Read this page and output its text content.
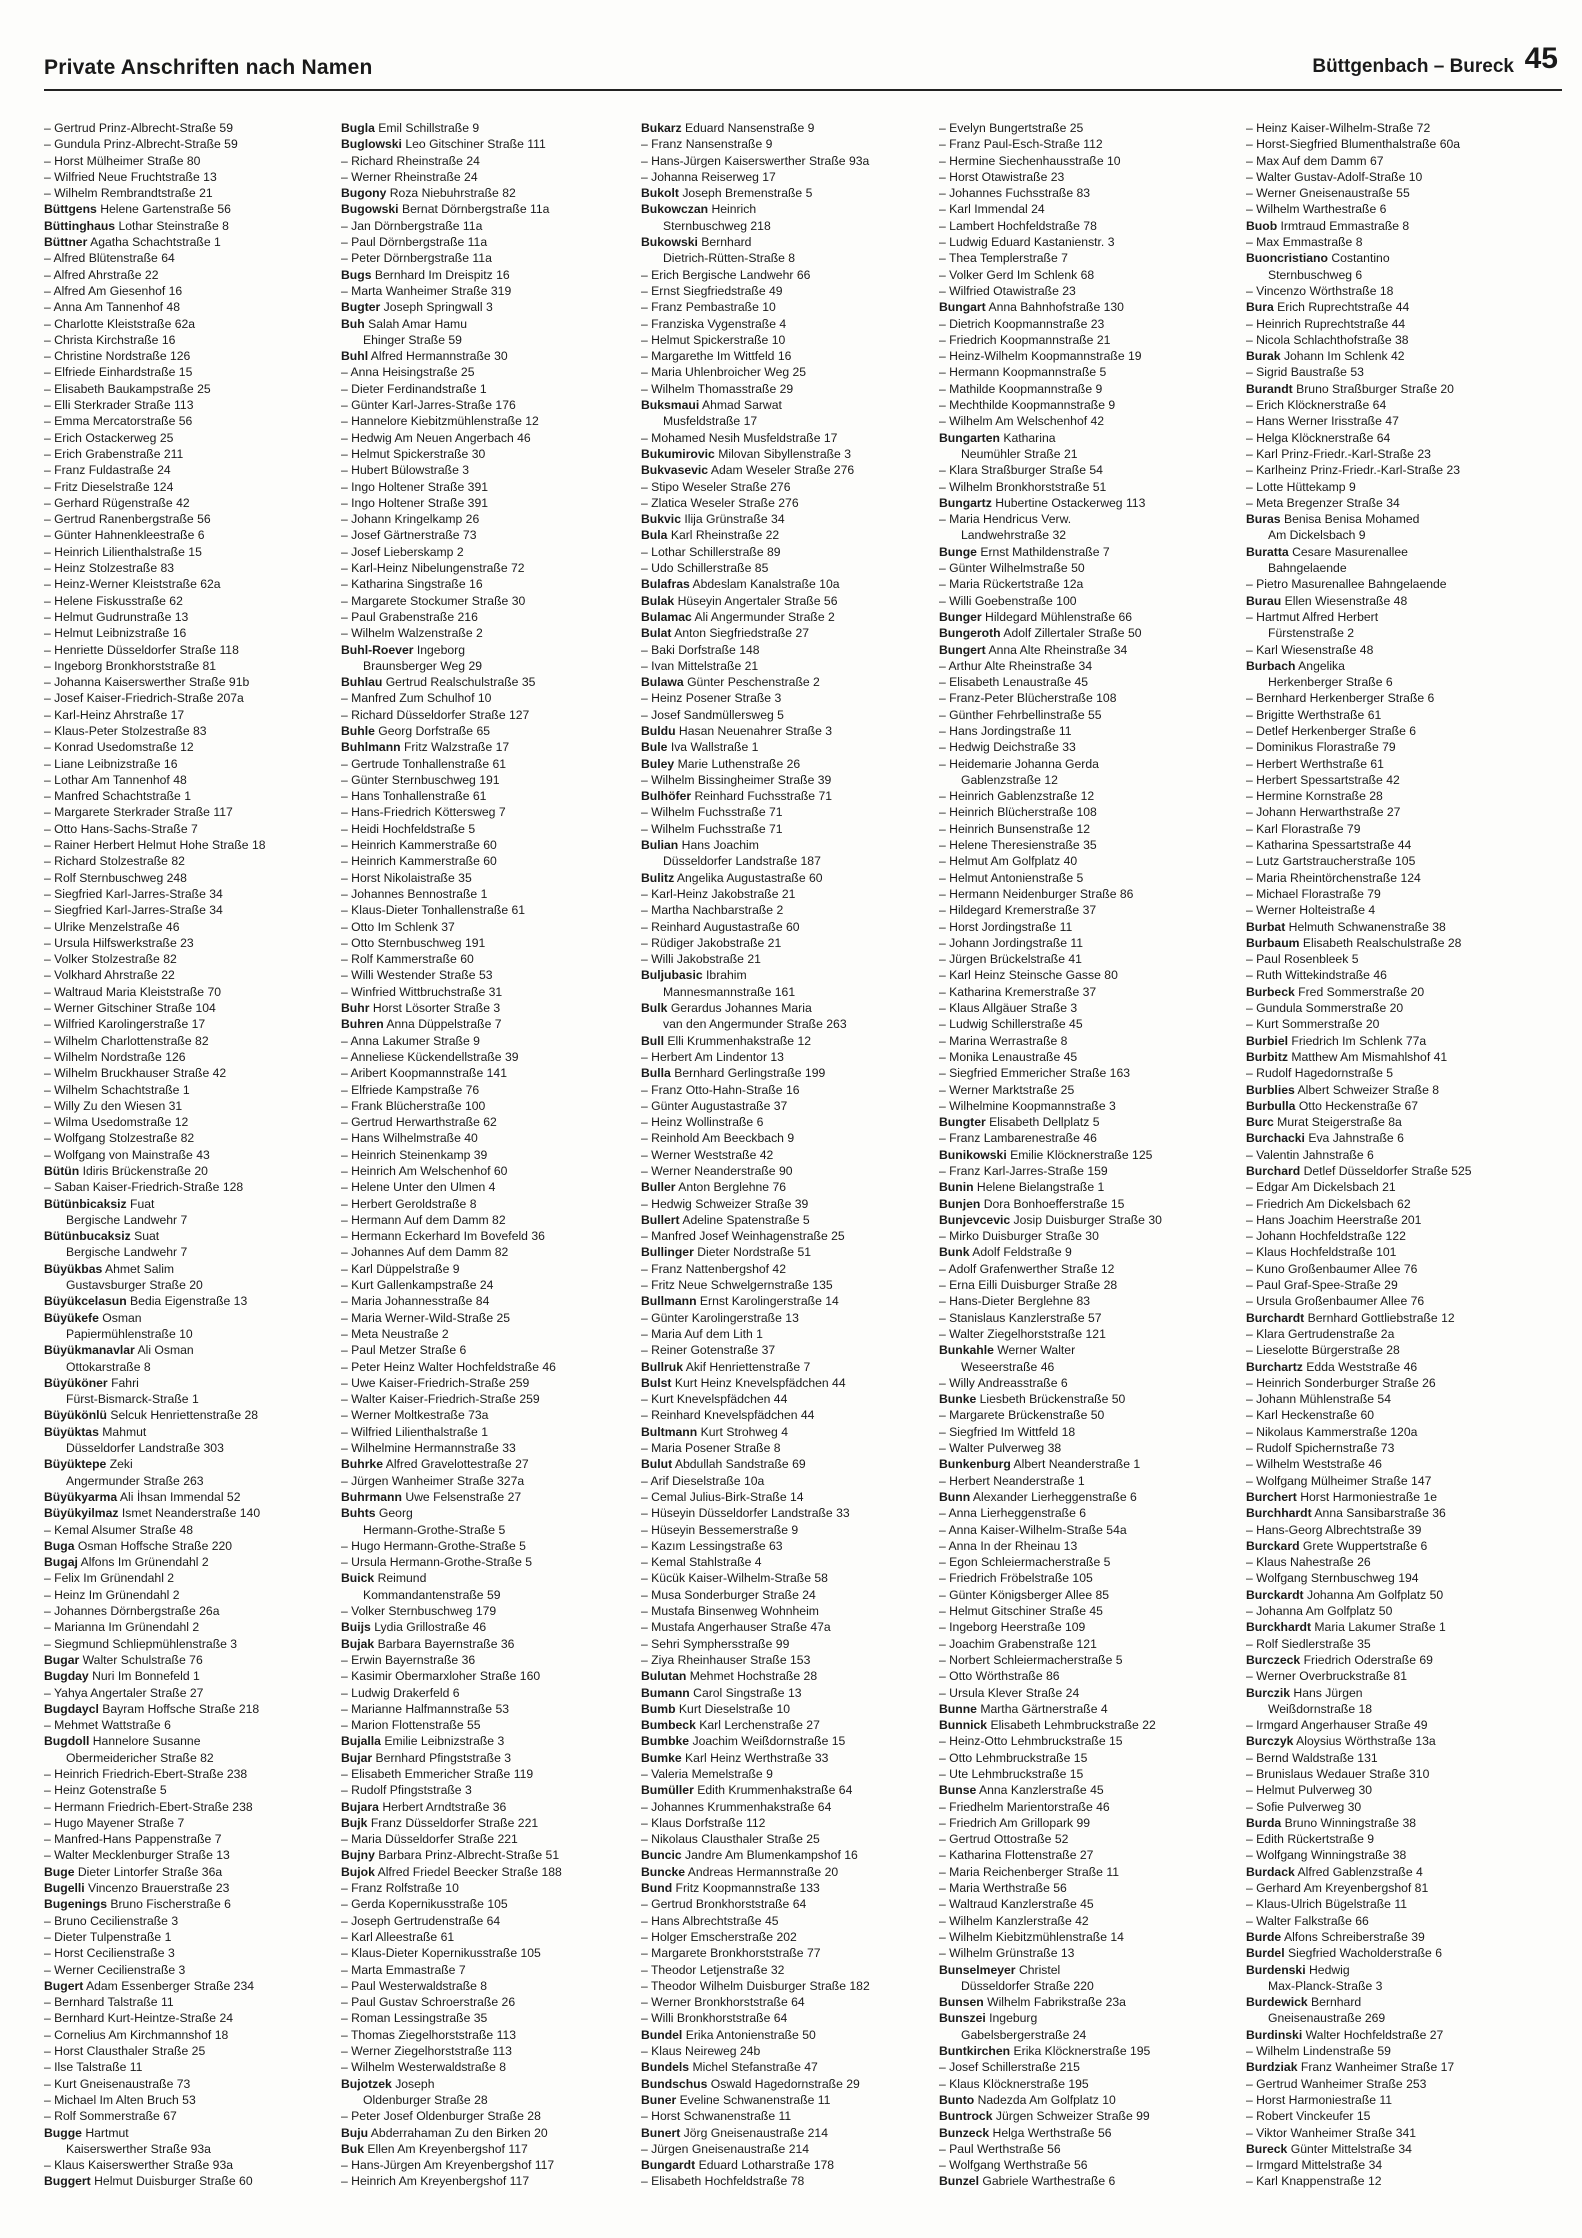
Private Anschriften nach Namen	Büttgenbach – Bureck 45
– Gertrud Prinz-Albrecht-Straße 59
– Gundula Prinz-Albrecht-Straße 59
– Horst Mülheimer Straße 80
– Wilfried Neue Fruchtstraße 13
– Wilhelm Rembrandtstraße 21
Büttgens Helene Gartenstraße 56
Büttinghaus Lothar Steinstraße 8
Büttner Agatha Schachtstraße 1
– Alfred Blütenstraße 64
– Alfred Ahrstraße 22
– Alfred Am Giesenhof 16
– Anna Am Tannenhof 48
– Charlotte Kleiststraße 62a
– Christa Kirchstraße 16
– Christine Nordstraße 126
– Elfriede Einhardstraße 15
– Elisabeth Baukampstraße 25
– Elli Sterkrader Straße 113
– Emma Mercatorstraße 56
– Erich Ostackerweg 25
– Erich Grabenstraße 211
– Franz Fuldastraße 24
– Fritz Dieselstraße 124
– Gerhard Rügenstraße 42
– Gertrud Ranenbergstraße 56
– Günter Hahnenkleestraße 6
– Heinrich Lilienthalstraße 15
– Heinz Stolzestraße 83
– Heinz-Werner Kleiststraße 62a
– Helene Fiskusstraße 62
– Helmut Gudrunstraße 13
– Helmut Leibnizstraße 16
– Henriette Düsseldorfer Straße 118
– Ingeborg Bronkhorststraße 81
– Johanna Kaiserswerther Straße 91b
– Josef Kaiser-Friedrich-Straße 207a
– Karl-Heinz Ahrstraße 17
– Klaus-Peter Stolzestraße 83
– Konrad Usedomstraße 12
– Liane Leibnizstraße 16
– Lothar Am Tannenhof 48
– Manfred Schachtstraße 1
– Margarete Sterkrader Straße 117
– Otto Hans-Sachs-Straße 7
– Rainer Herbert Helmut Hohe Straße 18
– Richard Stolzestraße 82
– Rolf Sternbuschweg 248
– Siegfried Karl-Jarres-Straße 34
– Siegfried Karl-Jarres-Straße 34
– Ulrike Menzelstraße 46
– Ursula Hilfswerkstraße 23
– Volker Stolzestraße 82
– Volkhard Ahrstraße 22
– Waltraud Maria Kleiststraße 70
– Werner Gitschiner Straße 104
– Wilfried Karolingerstraße 17
– Wilhelm Charlottenstraße 82
– Wilhelm Nordstraße 126
– Wilhelm Bruckhauser Straße 42
– Wilhelm Schachtstraße 1
– Willy Zu den Wiesen 31
– Wilma Usedomstraße 12
– Wolfgang Stolzestraße 82
– Wolfgang von Mainstraße 43
Bütün Idiris Brückenstraße 20
– Saban Kaiser-Friedrich-Straße 128
Bütünbicaksiz Fuat
Bergische Landwehr 7
Bütünbucaksiz Suat
Bergische Landwehr 7
Büyükbas Ahmet Salim
Gustavsburger Straße 20
Büyükcelasun Bedia Eigenstraße 13
Büyükefe Osman
Papiermühlenstraße 10
Büyükmanavlar Ali Osman
Ottokarstraße 8
Büyüköner Fahri
Fürst-Bismarck-Straße 1
Büyükönlü Selcuk Henriettenstraße 28
Büyüktas Mahmut
Düsseldorfer Landstraße 303
Büyüktepe Zeki
Angermunder Straße 263
Büyükyarma Ali İhsan Immendal 52
Büyükyilmaz Ismet Neanderstraße 140
– Kemal Alsumer Straße 48
Buga Osman Hoffsche Straße 220
Bugaj Alfons Im Grünendahl 2
– Felix Im Grünendahl 2
– Heinz Im Grünendahl 2
– Johannes Dörnbergstraße 26a
– Marianna Im Grünendahl 2
– Siegmund Schliepmühlenstraße 3
Bugar Walter Schulstraße 76
Bugday Nuri Im Bonnefeld 1
– Yahya Angertaler Straße 27
Bugdaycl Bayram Hoffsche Straße 218
– Mehmet Wattstraße 6
Bugdoll Hannelore Susanne
Obermeidericher Straße 82
– Heinrich Friedrich-Ebert-Straße 238
– Heinz Gotenstraße 5
– Hermann Friedrich-Ebert-Straße 238
– Hugo Mayener Straße 7
– Manfred-Hans Pappenstraße 7
– Walter Mecklenburger Straße 13
Buge Dieter Lintorfer Straße 36a
Bugelli Vincenzo Brauerstraße 23
Bugenings Bruno Fischerstraße 6
– Bruno Cecilienstraße 3
– Dieter Tulpenstraße 1
– Horst Cecilienstraße 3
– Werner Cecilienstraße 3
Bugert Adam Essenberger Straße 234
– Bernhard Talstraße 11
– Bernhard Kurt-Heintze-Straße 24
– Cornelius Am Kirchmannshof 18
– Horst Clausthaler Straße 25
– Ilse Talstraße 11
– Kurt Gneisenaustraße 73
– Michael Im Alten Bruch 53
– Rolf Sommerstraße 67
Bugge Hartmut
Kaiserswerther Straße 93a
– Klaus Kaiserswerther Straße 93a
Buggert Helmut Duisburger Straße 60
Bugla Emil Schillstraße 9
Buglowski Leo Gitschiner Straße 111
– Richard Rheinstraße 24
– Werner Rheinstraße 24
Bugony Roza Niebuhrstraße 82
Bugowski Bernat Dörnbergstraße 11a
– Jan Dörnbergstraße 11a
– Paul Dörnbergstraße 11a
– Peter Dörnbergstraße 11a
Bugs Bernhard Im Dreispitz 16
– Marta Wanheimer Straße 319
Bugter Joseph Springwall 3
Buh Salah Amar Hamu
Ehinger Straße 59
Buhl Alfred Hermannstraße 30
– Anna Heisingstraße 25
– Dieter Ferdinandstraße 1
– Günter Karl-Jarres-Straße 176
– Hannelore Kiebitzmühlenstraße 12
– Hedwig Am Neuen Angerbach 46
– Helmut Spickerstraße 30
– Hubert Bülowstraße 3
– Ingo Holtener Straße 391
– Ingo Holtener Straße 391
– Johann Kringelkamp 26
– Josef Gärtnerstraße 73
– Josef Lieberskamp 2
– Karl-Heinz Nibelungenstraße 72
– Katharina Singstraße 16
– Margarete Stockumer Straße 30
– Paul Grabenstraße 216
– Wilhelm Walzenstraße 2
Buhl-Roever Ingeborg
Braunsberger Weg 29
Buhlau Gertrud Realschulstraße 35
– Manfred Zum Schulhof 10
– Richard Düsseldorfer Straße 127
Buhle Georg Dorfstraße 65
Buhlmann Fritz Walzstraße 17
– Gertrude Tonhallenstraße 61
– Günter Sternbuschweg 191
– Hans Tonhallenstraße 61
– Hans-Friedrich Köttersweg 7
– Heidi Hochfeldstraße 5
– Heinrich Kammerstraße 60
– Heinrich Kammerstraße 60
– Horst Nikolaistraße 35
– Johannes Bennostraße 1
– Klaus-Dieter Tonhallenstraße 61
– Otto Im Schlenk 37
– Otto Sternbuschweg 191
– Rolf Kammerstraße 60
– Willi Westender Straße 53
– Winfried Wittbruchstraße 31
Buhr Horst Lösorter Straße 3
Buhren Anna Düppelstraße 7
– Anna Lakumer Straße 9
– Anneliese Kückendellstraße 39
– Aribert Koopmannstraße 141
– Elfriede Kampstraße 76
– Frank Blücherstraße 100
– Gertrud Herwarthstraße 62
– Hans Wilhelmstraße 40
– Heinrich Steinenkamp 39
– Heinrich Am Welschenhof 60
– Helene Unter den Ulmen 4
– Herbert Geroldstraße 8
– Hermann Auf dem Damm 82
– Hermann Eckerhard Im Bovefeld 36
– Johannes Auf dem Damm 82
– Karl Düppelstraße 9
– Kurt Gallenkampstraße 24
– Maria Johannesstraße 84
– Maria Werner-Wild-Straße 25
– Meta Neustraße 2
– Paul Metzer Straße 6
– Peter Heinz Walter Hochfeldstraße 46
– Uwe Kaiser-Friedrich-Straße 259
– Walter Kaiser-Friedrich-Straße 259
– Werner Moltkestraße 73a
– Wilfried Lilienthalstraße 1
– Wilhelmine Hermannstraße 33
Buhrke Alfred Gravelottestraße 27
– Jürgen Wanheimer Straße 327a
Buhrmann Uwe Felsenstraße 27
Buhts Georg
Hermann-Grothe-Straße 5
– Hugo Hermann-Grothe-Straße 5
– Ursula Hermann-Grothe-Straße 5
Buick Reimund
Kommandantenstraße 59
– Volker Sternbuschweg 179
Buijs Lydia Grillostraße 46
Bujak Barbara Bayernstraße 36
– Erwin Bayernstraße 36
– Kasimir Obermarxloher Straße 160
– Ludwig Drakerfeld 6
– Marianne Halfmannstraße 53
– Marion Flottenstraße 55
Bujalla Emilie Leibnizstraße 3
Bujar Bernhard Pfingststraße 3
– Elisabeth Emmericher Straße 119
– Rudolf Pfingststraße 3
Bujara Herbert Arndtstraße 36
Bujk Franz Düsseldorfer Straße 221
– Maria Düsseldorfer Straße 221
Bujny Barbara Prinz-Albrecht-Straße 51
Bujok Alfred Friedel Beecker Straße 188
– Franz Rolfstraße 10
– Gerda Kopernikusstraße 105
– Joseph Gertrudenstraße 64
– Karl Alleestraße 61
– Klaus-Dieter Kopernikusstraße 105
– Marta Emmastraße 7
– Paul Westerwaldstraße 8
– Paul Gustav Schroerstraße 26
– Roman Lessingstraße 35
– Thomas Ziegelhorststraße 113
– Werner Ziegelhorststraße 113
– Wilhelm Westerwaldstraße 8
Bujotzek Joseph
Oldenburger Straße 28
– Peter Josef Oldenburger Straße 28
Buju Abderrahaman Zu den Birken 20
Buk Ellen Am Kreyenbergshof 117
– Hans-Jürgen Am Kreyenbergshof 117
– Heinrich Am Kreyenbergshof 117
Bukarz Eduard Nansenstraße 9
– Franz Nansenstraße 9
– Hans-Jürgen Kaiserswerther Straße 93a
– Johanna Reiserweg 17
Bukolt Joseph Bremenstraße 5
Bukowczan Heinrich
Sternbuschweg 218
Bukowski Bernhard
Dietrich-Rütten-Straße 8
– Erich Bergische Landwehr 66
– Ernst Siegfriedstraße 49
– Franz Pembastraße 10
– Franziska Vygenstraße 4
– Helmut Spickerstraße 10
– Margarethe Im Wittfeld 16
– Maria Uhlenbroicher Weg 25
– Wilhelm Thomasstraße 29
Buksmaui Ahmad Sarwat
Musfeldstraße 17
– Mohamed Nesih Musfeldstraße 17
Bukumirovic Milovan Sibyllenstraße 3
Bukvasevic Adam Weseler Straße 276
– Stipo Weseler Straße 276
– Zlatica Weseler Straße 276
Bukvic Ilija Grünstraße 34
Bula Karl Rheinstraße 22
– Lothar Schillerstraße 89
– Udo Schillerstraße 85
Bulafras Abdeslam Kanalstraße 10a
Bulak Hüseyin Angertaler Straße 56
Bulamac Ali Angermunder Straße 2
Bulat Anton Siegfriedstraße 27
– Baki Dorfstraße 148
– Ivan Mittelstraße 21
Bulawa Günter Peschenstraße 2
– Heinz Posener Straße 3
– Josef Sandmüllersweg 5
Buldu Hasan Neuenahrer Straße 3
Bule Iva Wallstraße 1
Buley Marie Luthenstraße 26
– Wilhelm Bissingheimer Straße 39
Bulhöfer Reinhard Fuchsstraße 71
– Wilhelm Fuchsstraße 71
– Wilhelm Fuchsstraße 71
Bulian Hans Joachim
Düsseldorfer Landstraße 187
Bulitz Angelika Augustastraße 60
– Karl-Heinz Jakobstraße 21
– Martha Nachbarstraße 2
– Reinhard Augustastraße 60
– Rüdiger Jakobstraße 21
– Willi Jakobstraße 21
Buljubasic Ibrahim
Mannesmannstraße 161
Bulk Gerardus Johannes Maria
van den Angermunder Straße 263
Bull Elli Krummenhakstraße 12
– Herbert Am Lindentor 13
Bulla Bernhard Gerlingstraße 199
– Franz Otto-Hahn-Straße 16
– Günter Augustastraße 37
– Heinz Wollinstraße 6
– Reinhold Am Beeckbach 9
– Werner Weststraße 42
– Werner Neanderstraße 90
Buller Anton Berglehne 76
– Hedwig Schweizer Straße 39
Bullert Adeline Spatenstraße 5
– Manfred Josef Weinhagenstraße 25
Bullinger Dieter Nordstraße 51
– Franz Nattenbergshof 42
– Fritz Neue Schwelgernstraße 135
Bullmann Ernst Karolingerstraße 14
– Günter Karolingerstraße 13
– Maria Auf dem Lith 1
– Reiner Gotenstraße 37
Bullruk Akif Henriettenstraße 7
Bulst Kurt Heinz Knevelspfädchen 44
– Kurt Knevelspfädchen 44
– Reinhard Knevelspfädchen 44
Bultmann Kurt Strohweg 4
– Maria Posener Straße 8
Bulut Abdullah Sandstraße 69
– Arif Dieselstraße 10a
– Cemal Julius-Birk-Straße 14
– Hüseyin Düsseldorfer Landstraße 33
– Hüseyin Bessemerstraße 9
– Kazım Lessingstraße 63
– Kemal Stahlstraße 4
– Kücük Kaiser-Wilhelm-Straße 58
– Musa Sonderburger Straße 24
– Mustafa Binsenweg Wohnheim
– Mustafa Angerhauser Straße 47a
– Sehri Symphersstraße 99
– Ziya Rheinhauser Straße 153
Bulutan Mehmet Hochstraße 28
Bumann Carol Singstraße 13
Bumb Kurt Dieselstraße 10
Bumbeck Karl Lerchenstraße 27
Bumbke Joachim Weißdornstraße 15
Bumke Karl Heinz Werthstraße 33
– Valeria Memelstraße 9
Bumüller Edith Krummenhakstraße 64
– Johannes Krummenhakstraße 64
– Klaus Dorfstraße 112
– Nikolaus Clausthaler Straße 25
Buncic Jandre Am Blumenkampshof 16
Buncke Andreas Hermannstraße 20
Bund Fritz Koopmannstraße 133
– Gertrud Bronkhorststraße 64
– Hans Albrechtstraße 45
– Holger Emscherstraße 202
– Margarete Bronkhorststraße 77
– Theodor Letjenstraße 32
– Theodor Wilhelm Duisburger Straße 182
– Werner Bronkhorststraße 64
– Willi Bronkhorststraße 64
Bundel Erika Antonienstraße 50
– Klaus Neireweg 24b
Bundels Michel Stefanstraße 47
Bundschus Oswald Hagedornstraße 29
Buner Eveline Schwanenstraße 11
– Horst Schwanenstraße 11
Bunert Jörg Gneisenaustraße 214
– Jürgen Gneisenaustraße 214
Bungardt Eduard Lotharstraße 178
– Elisabeth Hochfeldstraße 78
– Evelyn Bungertstraße 25
– Franz Paul-Esch-Straße 112
– Hermine Siechenhausstraße 10
– Horst Otawistraße 23
– Johannes Fuchsstraße 83
– Karl Immendal 24
– Lambert Hochfeldstraße 78
– Ludwig Eduard Kastanienstr. 3
– Thea Templerstraße 7
– Volker Gerd Im Schlenk 68
– Wilfried Otawistraße 23
Bungart Anna Bahnhofstraße 130
– Dietrich Koopmannstraße 23
– Friedrich Koopmannstraße 21
– Heinz-Wilhelm Koopmannstraße 19
– Hermann Koopmannstraße 5
– Mathilde Koopmannstraße 9
– Mechthilde Koopmannstraße 9
– Wilhelm Am Welschenhof 42
Bungarten Katharina
Neumühler Straße 21
– Klara Straßburger Straße 54
– Wilhelm Bronkhorststraße 51
Bungartz Hubertine Ostackerweg 113
– Maria Hendricus Verw.
Landwehrstraße 32
Bunge Ernst Mathildenstraße 7
– Günter Wilhelmstraße 50
– Maria Rückertstraße 12a
– Willi Goebenstraße 100
Bunger Hildegard Mühlenstraße 66
Bungeroth Adolf Zillertaler Straße 50
Bungert Anna Alte Rheinstraße 34
– Arthur Alte Rheinstraße 34
– Elisabeth Lenaustraße 45
– Franz-Peter Blücherstraße 108
– Günther Fehrbellinstraße 55
– Hans Jordingstraße 11
– Hedwig Deichstraße 33
– Heidemarie Johanna Gerda
Gablenzstraße 12
– Heinrich Gablenzstraße 12
– Heinrich Blücherstraße 108
– Heinrich Bunsenstraße 12
– Helene Theresienstraße 35
– Helmut Am Golfplatz 40
– Helmut Antonienstraße 5
– Hermann Neidenburger Straße 86
– Hildegard Kremerstraße 37
– Horst Jordingstraße 11
– Johann Jordingstraße 11
– Jürgen Brückelstraße 41
– Karl Heinz Steinsche Gasse 80
– Katharina Kremerstraße 37
– Klaus Allgäuer Straße 3
– Ludwig Schillerstraße 45
– Marina Werrastraße 8
– Monika Lenaustraße 45
– Siegfried Emmericher Straße 163
– Werner Marktstraße 25
– Wilhelmine Koopmannstraße 3
Bungter Elisabeth Dellplatz 5
– Franz Lambarenestraße 46
Bunikowski Emilie Klöcknerstraße 125
– Franz Karl-Jarres-Straße 159
Bunin Helene Bielangstraße 1
Bunjen Dora Bonhoefferstraße 15
Bunjevcevic Josip Duisburger Straße 30
– Mirko Duisburger Straße 30
Bunk Adolf Feldstraße 9
– Adolf Grafenwerther Straße 12
– Erna Eilli Duisburger Straße 28
– Hans-Dieter Berglehne 83
– Stanislaus Kanzlerstraße 57
– Walter Ziegelhorststraße 121
Bunkahle Werner Walter
Weseerstraße 46
– Willy Andreasstraße 6
Bunke Liesbeth Brückenstraße 50
– Margarete Brückenstraße 50
– Siegfried Im Wittfeld 18
– Walter Pulverweg 38
Bunkenburg Albert Neanderstraße 1
– Herbert Neanderstraße 1
Bunn Alexander Lierheggenstraße 6
– Anna Lierheggenstraße 6
– Anna Kaiser-Wilhelm-Straße 54a
– Anna In der Rheinau 13
– Egon Schleiermacherstraße 5
– Friedrich Fröbelstraße 105
– Günter Königsberger Allee 85
– Helmut Gitschiner Straße 45
– Ingeborg Heerstraße 109
– Joachim Grabenstraße 121
– Norbert Schleiermacherstraße 5
– Otto Wörthstraße 86
– Ursula Klever Straße 24
Bunne Martha Gärtnerstraße 4
Bunnick Elisabeth Lehmbruckstraße 22
– Heinz-Otto Lehmbruckstraße 15
– Otto Lehmbruckstraße 15
– Ute Lehmbruckstraße 15
Bunse Anna Kanzlerstraße 45
– Friedhelm Marientorstraße 46
– Friedrich Am Grillopark 99
– Gertrud Ottostraße 52
– Katharina Flottenstraße 27
– Maria Reichenberger Straße 11
– Maria Werthstraße 56
– Waltraud Kanzlerstraße 45
– Wilhelm Kanzlerstraße 42
– Wilhelm Kiebitzmühlenstraße 14
– Wilhelm Grünstraße 13
Bunselmeyer Christel
Düsseldorfer Straße 220
Bunsen Wilhelm Fabrikstraße 23a
Bunszei Ingeburg
Gabelsbergerstraße 24
Buntkirchen Erika Klöcknerstraße 195
– Josef Schillerstraße 215
– Klaus Klöcknerstraße 195
Bunto Nadezda Am Golfplatz 10
Buntrock Jürgen Schweizer Straße 99
Bunzeck Helga Werthstraße 56
– Paul Werthstraße 56
– Wolfgang Werthstraße 56
Bunzel Gabriele Warthestraße 6
– Heinz Kaiser-Wilhelm-Straße 72
– Horst-Siegfried Blumenthalstraße 60a
– Max Auf dem Damm 67
– Walter Gustav-Adolf-Straße 10
– Werner Gneisenaustraße 55
– Wilhelm Warthestraße 6
Buob Irmtraud Emmastraße 8
– Max Emmastraße 8
Buoncristiano Costantino
Sternbuschweg 6
– Vincenzo Wörthstraße 18
Bura Erich Ruprechtstraße 44
– Heinrich Ruprechtstraße 44
– Nicola Schlachthofstraße 38
Burak Johann Im Schlenk 42
– Sigrid Baustraße 53
Burandt Bruno Straßburger Straße 20
– Erich Klöcknerstraße 64
– Hans Werner Irisstraße 47
– Helga Klöcknerstraße 64
– Karl Prinz-Friedr.-Karl-Straße 23
– Karlheinz Prinz-Friedr.-Karl-Straße 23
– Lotte Hüttekamp 9
– Meta Bregenzer Straße 34
Buras Benisa Benisa Mohamed
Am Dickelsbach 9
Buratta Cesare Masurenallee
Bahngelaende
– Pietro Masurenallee Bahngelaende
Burau Ellen Wiesenstraße 48
– Hartmut Alfred Herbert
Fürstenstraße 2
– Karl Wiesenstraße 48
Burbach Angelika
Herkenberger Straße 6
– Bernhard Herkenberger Straße 6
– Brigitte Werthstraße 61
– Detlef Herkenberger Straße 6
– Dominikus Florastraße 79
– Herbert Werthstraße 61
– Herbert Spessartstraße 42
– Hermine Kornstraße 28
– Johann Herwarthstraße 27
– Karl Florastraße 79
– Katharina Spessartstraße 44
– Lutz Gartstraucherstraße 105
– Maria Rheintörchenstraße 124
– Michael Florastraße 79
– Werner Holteistraße 4
Burbat Helmuth Schwanenstraße 38
Burbaum Elisabeth Realschulstraße 28
– Paul Rosenbleek 5
– Ruth Wittekindstraße 46
Burbeck Fred Sommerstraße 20
– Gundula Sommerstraße 20
– Kurt Sommerstraße 20
Burbiel Friedrich Im Schlenk 77a
Burbitz Matthew Am Mismahlshof 41
– Rudolf Hagedornstraße 5
Burblies Albert Schweizer Straße 8
Burbulla Otto Heckenstraße 67
Burc Murat Steigerstraße 8a
Burchacki Eva Jahnstraße 6
– Valentin Jahnstraße 6
Burchard Detlef Düsseldorfer Straße 525
– Edgar Am Dickelsbach 21
– Friedrich Am Dickelsbach 62
– Hans Joachim Heerstraße 201
– Johann Hochfeldstraße 122
– Klaus Hochfeldstraße 101
– Kuno Großenbaumer Allee 76
– Paul Graf-Spee-Straße 29
– Ursula Großenbaumer Allee 76
Burchardt Bernhard Gottliebstraße 12
– Klara Gertrudenstraße 2a
– Lieselotte Bürgerstraße 28
Burchartz Edda Weststraße 46
– Heinrich Sonderburger Straße 26
– Johann Mühlenstraße 54
– Karl Heckenstraße 60
– Nikolaus Kammerstraße 120a
– Rudolf Spichernstraße 73
– Wilhelm Weststraße 46
– Wolfgang Mülheimer Straße 147
Burchert Horst Harmoniestraße 1e
Burchhardt Anna Sansibarstraße 36
– Hans-Georg Albrechtstraße 39
Burckard Grete Wuppertstraße 6
– Klaus Nahestraße 26
– Wolfgang Sternbuschweg 194
Burckardt Johanna Am Golfplatz 50
– Johanna Am Golfplatz 50
Burckhardt Maria Lakumer Straße 1
– Rolf Siedlerstraße 35
Burczeck Friedrich Oderstraße 69
– Werner Overbruckstraße 81
Burczik Hans Jürgen
Weißdornstraße 18
– Irmgard Angerhauser Straße 49
Burczyk Aloysius Wörthstraße 13a
– Bernd Waldstraße 131
– Brunislaus Wedauer Straße 310
– Helmut Pulverweg 30
– Sofie Pulverweg 30
Burda Bruno Winningstraße 38
– Edith Rückertstraße 9
– Wolfgang Winningstraße 38
Burdack Alfred Gablenzstraße 4
– Gerhard Am Kreyenbergshof 81
– Klaus-Ulrich Bügelstraße 11
– Walter Falkstraße 66
Burde Alfons Schreiberstraße 39
Burdel Siegfried Wacholderstraße 6
Burdenski Hedwig
Max-Planck-Straße 3
Burdewick Bernhard
Gneisenaustraße 269
Burdinski Walter Hochfeldstraße 27
– Wilhelm Lindenstraße 59
Burdziak Franz Wanheimer Straße 17
– Gertrud Wanheimer Straße 253
– Horst Harmoniestraße 11
– Robert Vinckeufer 15
– Viktor Wanheimer Straße 341
Bureck Günter Mittelstraße 34
– Irmgard Mittelstraße 34
– Karl Knappenstraße 12
